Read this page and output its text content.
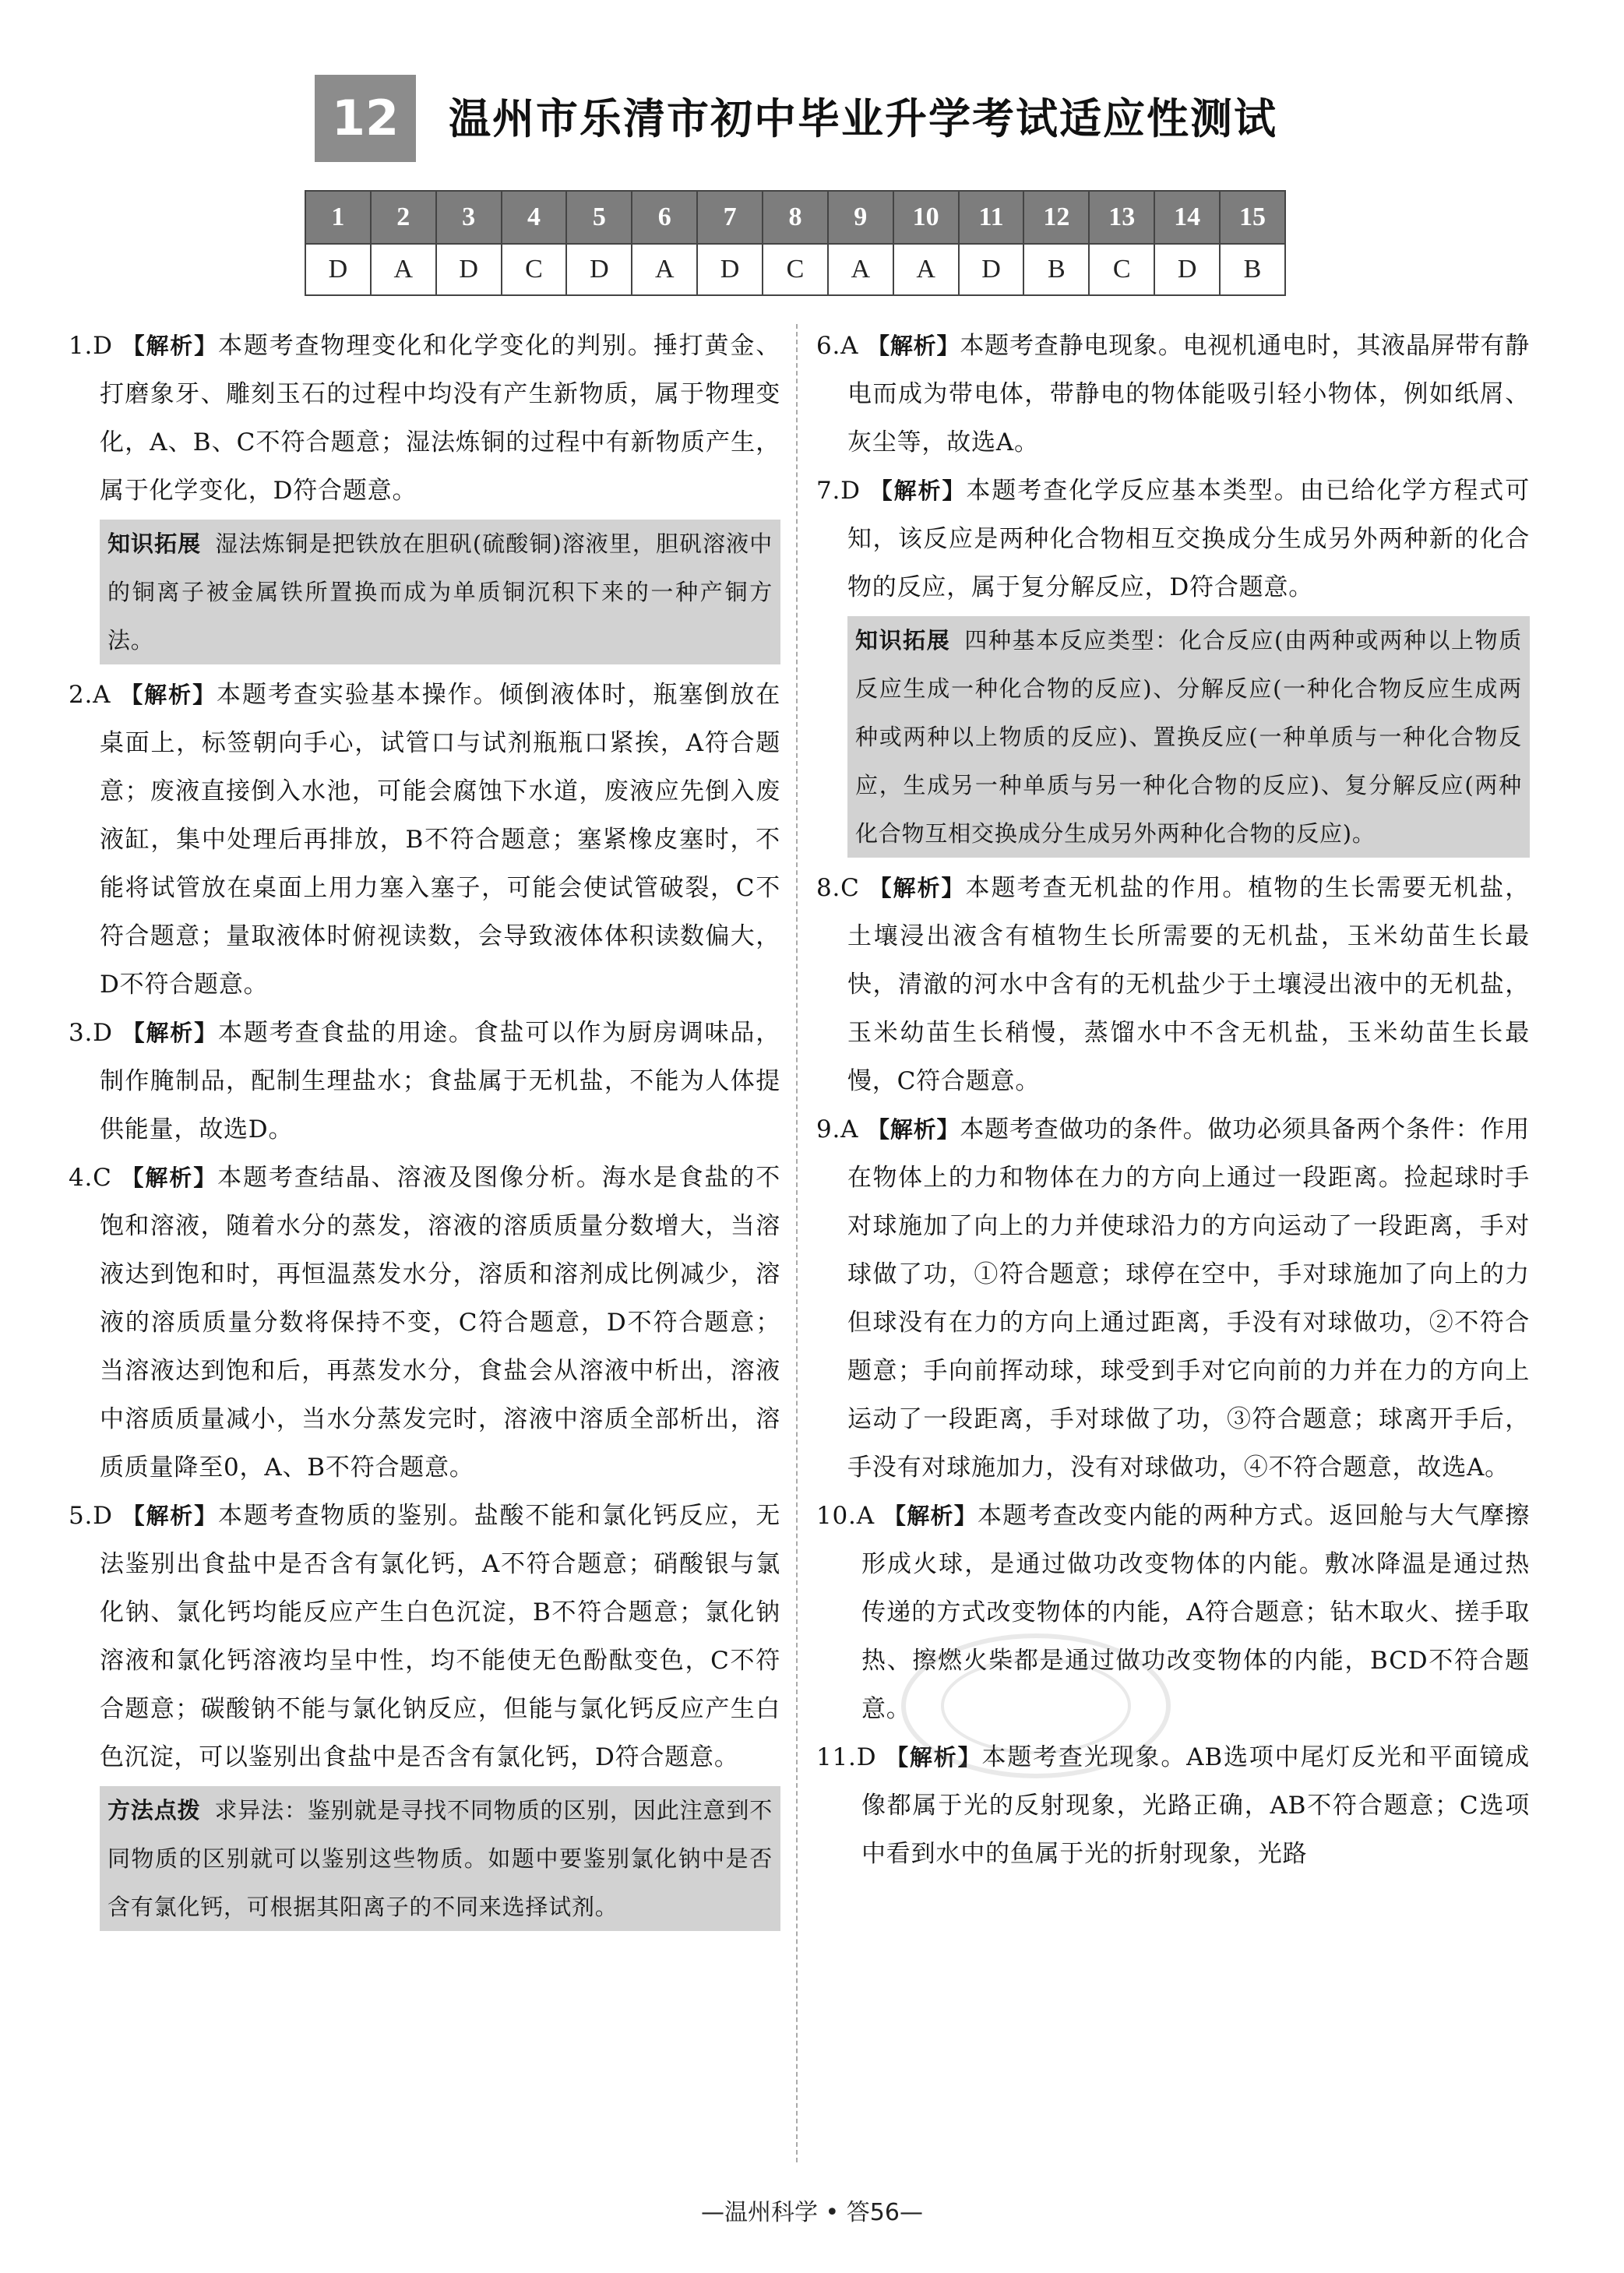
12	温州市乐清市初中毕业升学考试适应性测试
1	2	3	4	5	6	7	8	9	10	11	12	13	14	15
D	A	D	C	D	A	D	C	A	A	D	B	C	D	B

1.D 【解析】本题考查物理变化和化学变化的判别。捶打黄金、打磨象牙、雕刻玉石的过程中均没有产生新物质，属于物理变化，A、B、C不符合题意；湿法炼铜的过程中有新物质产生，属于化学变化，D符合题意。

知识拓展 湿法炼铜是把铁放在胆矾(硫酸铜)溶液里，胆矾溶液中的铜离子被金属铁所置换而成为单质铜沉积下来的一种产铜方法。

2.A 【解析】本题考查实验基本操作。倾倒液体时，瓶塞倒放在桌面上，标签朝向手心，试管口与试剂瓶瓶口紧挨，A符合题意；废液直接倒入水池，可能会腐蚀下水道，废液应先倒入废液缸，集中处理后再排放，B不符合题意；塞紧橡皮塞时，不能将试管放在桌面上用力塞入塞子，可能会使试管破裂，C不符合题意；量取液体时俯视读数，会导致液体体积读数偏大，D不符合题意。

3.D 【解析】本题考查食盐的用途。食盐可以作为厨房调味品，制作腌制品，配制生理盐水；食盐属于无机盐，不能为人体提供能量，故选D。

4.C 【解析】本题考查结晶、溶液及图像分析。海水是食盐的不饱和溶液，随着水分的蒸发，溶液的溶质质量分数增大，当溶液达到饱和时，再恒温蒸发水分，溶质和溶剂成比例减少，溶液的溶质质量分数将保持不变，C符合题意，D不符合题意；当溶液达到饱和后，再蒸发水分，食盐会从溶液中析出，溶液中溶质质量减小，当水分蒸发完时，溶液中溶质全部析出，溶质质量降至0，A、B不符合题意。

5.D 【解析】本题考查物质的鉴别。盐酸不能和氯化钙反应，无法鉴别出食盐中是否含有氯化钙，A不符合题意；硝酸银与氯化钠、氯化钙均能反应产生白色沉淀，B不符合题意；氯化钠溶液和氯化钙溶液均呈中性，均不能使无色酚酞变色，C不符合题意；碳酸钠不能与氯化钠反应，但能与氯化钙反应产生白色沉淀，可以鉴别出食盐中是否含有氯化钙，D符合题意。

方法点拨 求异法：鉴别就是寻找不同物质的区别，因此注意到不同物质的区别就可以鉴别这些物质。如题中要鉴别氯化钠中是否含有氯化钙，可根据其阳离子的不同来选择试剂。

6.A 【解析】本题考查静电现象。电视机通电时，其液晶屏带有静电而成为带电体，带静电的物体能吸引轻小物体，例如纸屑、灰尘等，故选A。

7.D 【解析】本题考查化学反应基本类型。由已给化学方程式可知，该反应是两种化合物相互交换成分生成另外两种新的化合物的反应，属于复分解反应，D符合题意。

知识拓展 四种基本反应类型：化合反应(由两种或两种以上物质反应生成一种化合物的反应)、分解反应(一种化合物反应生成两种或两种以上物质的反应)、置换反应(一种单质与一种化合物反应，生成另一种单质与另一种化合物的反应)、复分解反应(两种化合物互相交换成分生成另外两种化合物的反应)。

8.C 【解析】本题考查无机盐的作用。植物的生长需要无机盐，土壤浸出液含有植物生长所需要的无机盐，玉米幼苗生长最快，清澈的河水中含有的无机盐少于土壤浸出液中的无机盐，玉米幼苗生长稍慢，蒸馏水中不含无机盐，玉米幼苗生长最慢，C符合题意。

9.A 【解析】本题考查做功的条件。做功必须具备两个条件：作用在物体上的力和物体在力的方向上通过一段距离。捡起球时手对球施加了向上的力并使球沿力的方向运动了一段距离，手对球做了功，①符合题意；球停在空中，手对球施加了向上的力但球没有在力的方向上通过距离，手没有对球做功，②不符合题意；手向前挥动球，球受到手对它向前的力并在力的方向上运动了一段距离，手对球做了功，③符合题意；球离开手后，手没有对球施加力，没有对球做功，④不符合题意，故选A。

10.A 【解析】本题考查改变内能的两种方式。返回舱与大气摩擦形成火球，是通过做功改变物体的内能。敷冰降温是通过热传递的方式改变物体的内能，A符合题意；钻木取火、搓手取热、擦燃火柴都是通过做功改变物体的内能，BCD不符合题意。

11.D 【解析】本题考查光现象。AB选项中尾灯反光和平面镜成像都属于光的反射现象，光路正确，AB不符合题意；C选项中看到水中的鱼属于光的折射现象，光路

—温州科学 • 答56—
